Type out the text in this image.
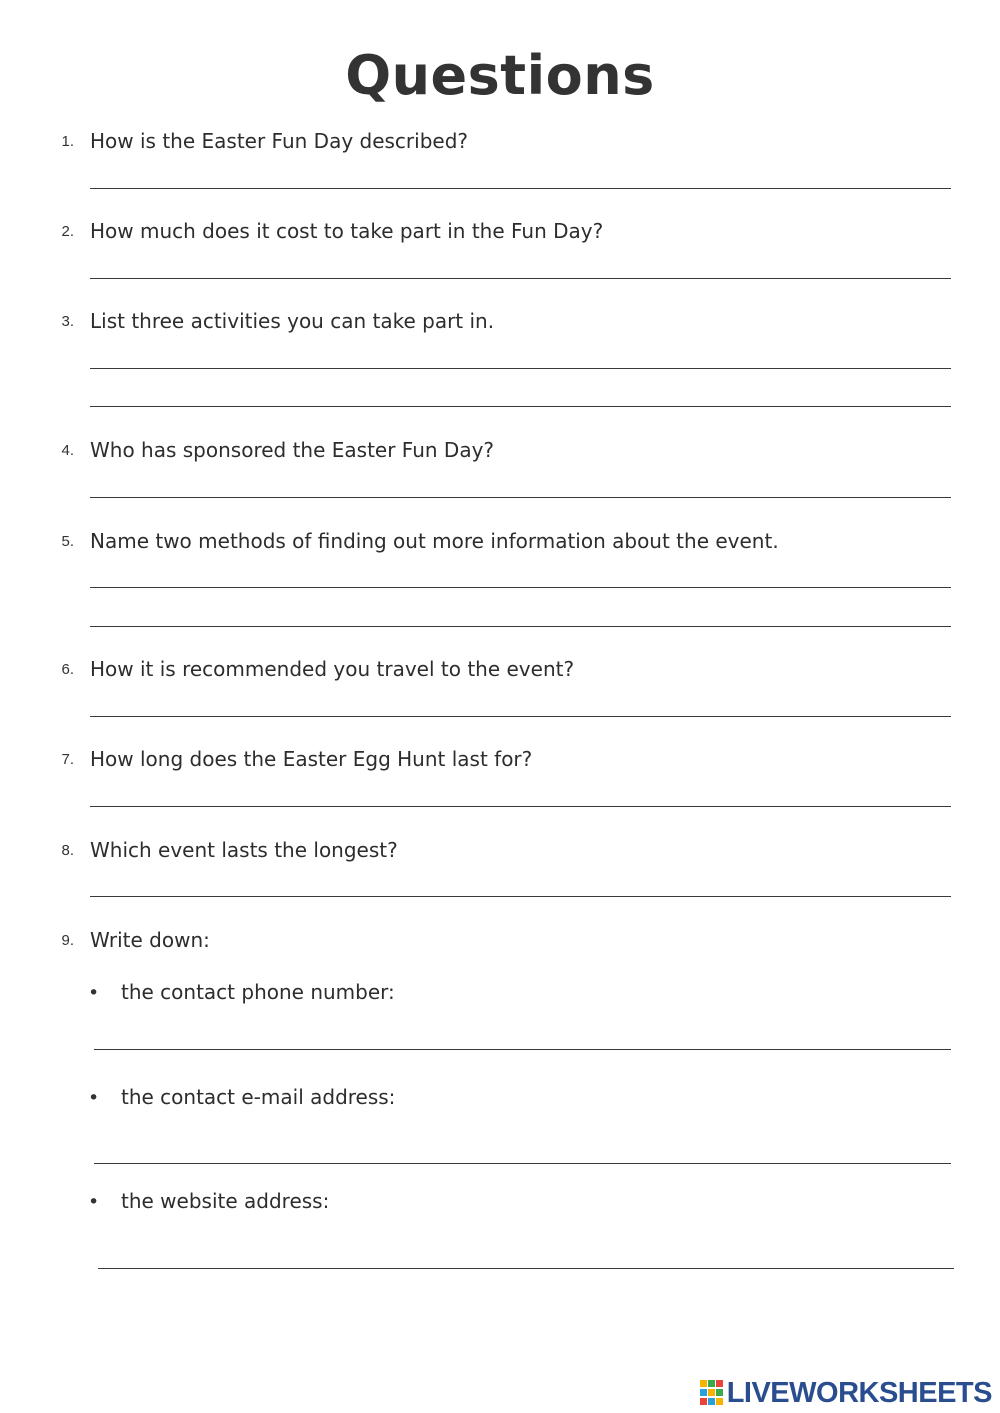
Questions
1. How is the Easter Fun Day described?
2. How much does it cost to take part in the Fun Day?
3. List three activities you can take part in.
4. Who has sponsored the Easter Fun Day?
5. Name two methods of finding out more information about the event.
6. How it is recommended you travel to the event?
7. How long does the Easter Egg Hunt last for?
8. Which event lasts the longest?
9. Write down:
• the contact phone number:
• the contact e-mail address:
• the website address:
LIVEWORKSHEETS
